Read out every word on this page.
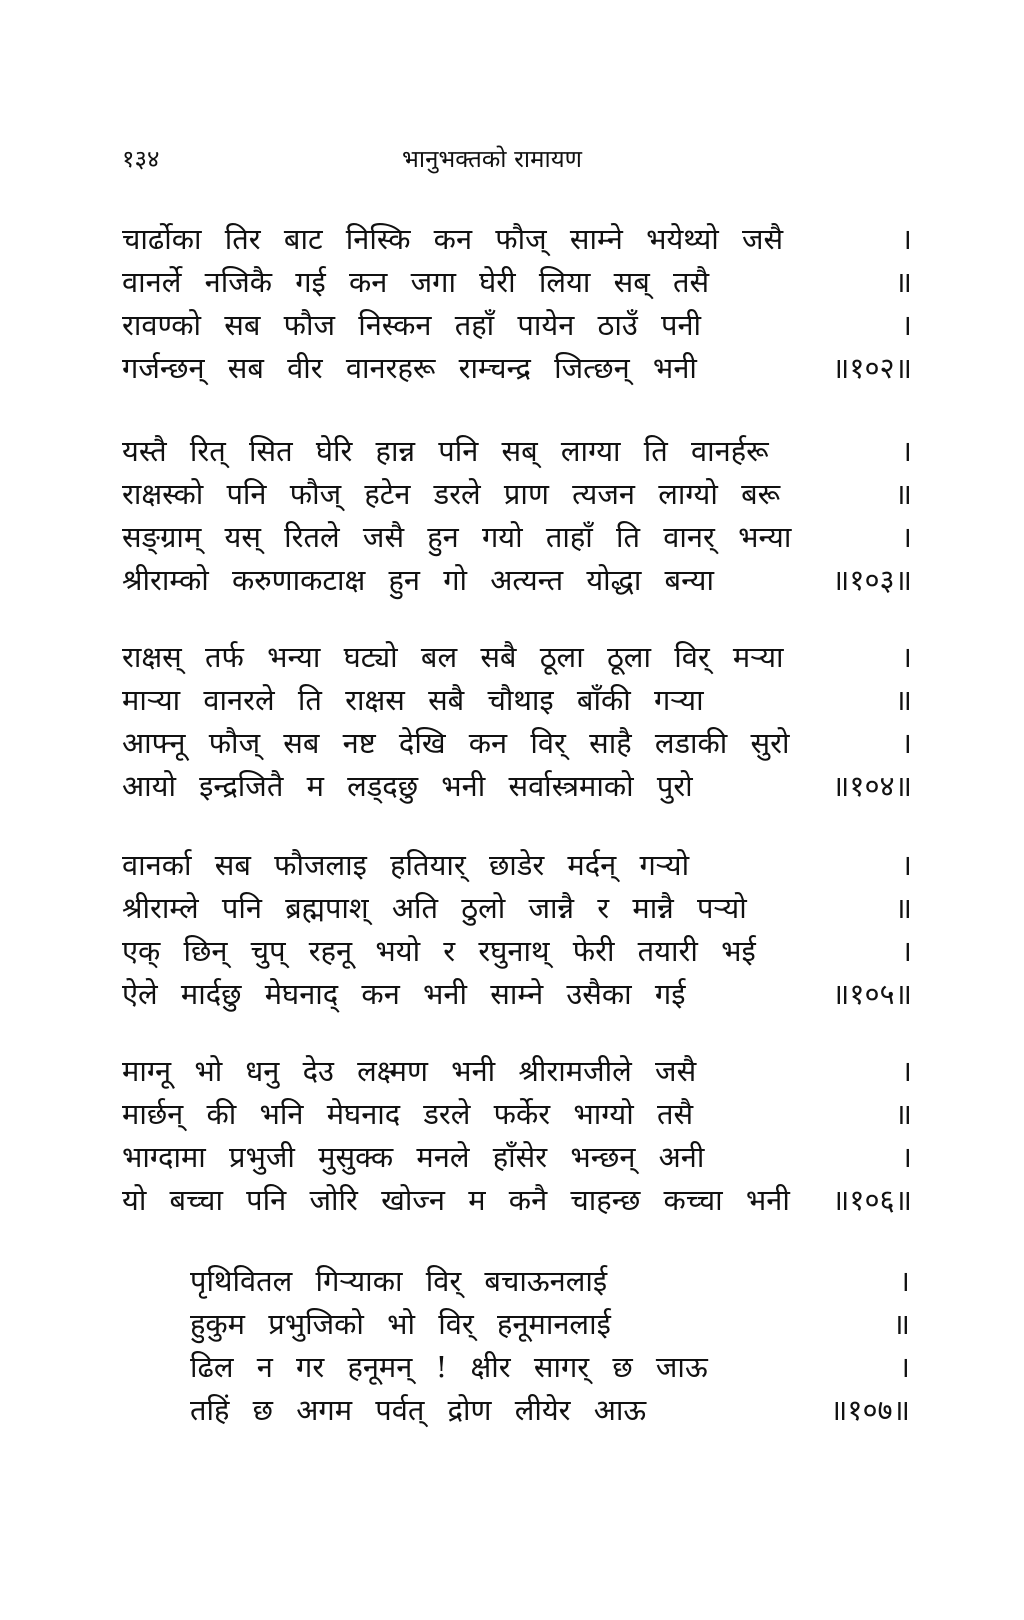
१३४	भानुभक्तको रामायण
चार्ढोका तिर बाट निस्कि कन फौज् साम्ने भयेथ्यो जसै	।
वानर्ले नजिकै गई कन जगा घेरी लिया सब् तसै	॥
रावण्को सब फौज निस्कन तहाँ पायेन ठाउँ पनी	।
गर्जन्छन् सब वीर वानरहरू राम्चन्द्र जित्छन् भनी	॥१०२॥
यस्तै रित् सित घेरि हान्न पनि सब् लाग्या ति वानर्हरू	।
राक्षस्को पनि फौज् हटेन डरले प्राण त्यजन लाग्यो बरू	॥
सङ्ग्राम् यस् रितले जसै हुन गयो ताहाँ ति वानर् भन्या	।
श्रीराम्को करुणाकटाक्ष हुन गो अत्यन्त योद्धा बन्या	॥१०३॥
राक्षस् तर्फ भन्या घट्यो बल सबै ठूला ठूला विर् मऱ्या	।
माऱ्या वानरले ति राक्षस सबै चौथाइ बाँकी गऱ्या	॥
आफ्नू फौज् सब नष्ट देखि कन विर् साहै लडाकी सुरो	।
आयो इन्द्रजितै म लड्दछु भनी सर्वास्त्रमाको पुरो	॥१०४॥
वानर्का सब फौजलाइ हतियार् छाडेर मर्दन् गऱ्यो	।
श्रीराम्ले पनि ब्रह्मपाश् अति ठुलो जान्नै र मान्नै पऱ्यो	॥
एक् छिन् चुप् रहनू भयो र रघुनाथ् फेरी तयारी भई	।
ऐले मार्दछु मेघनाद् कन भनी साम्ने उसैका गई	॥१०५॥
माग्नू भो धनु देउ लक्ष्मण भनी श्रीरामजीले जसै	।
मार्छन् की भनि मेघनाद डरले फर्केर भाग्यो तसै	॥
भाग्दामा प्रभुजी मुसुक्क मनले हाँसेर भन्छन् अनी	।
यो बच्चा पनि जोरि खोज्न म कनै चाहन्छ कच्चा भनी ॥१०६॥
पृथिवितल गिऱ्याका विर् बचाऊनलाई	।
हुकुम प्रभुजिको भो विर् हनूमानलाई	॥
ढिल न गर हनूमन् ! क्षीर सागर् छ जाऊ	।
तहिं छ अगम पर्वत् द्रोण लीयेर आऊ	॥१०७॥
